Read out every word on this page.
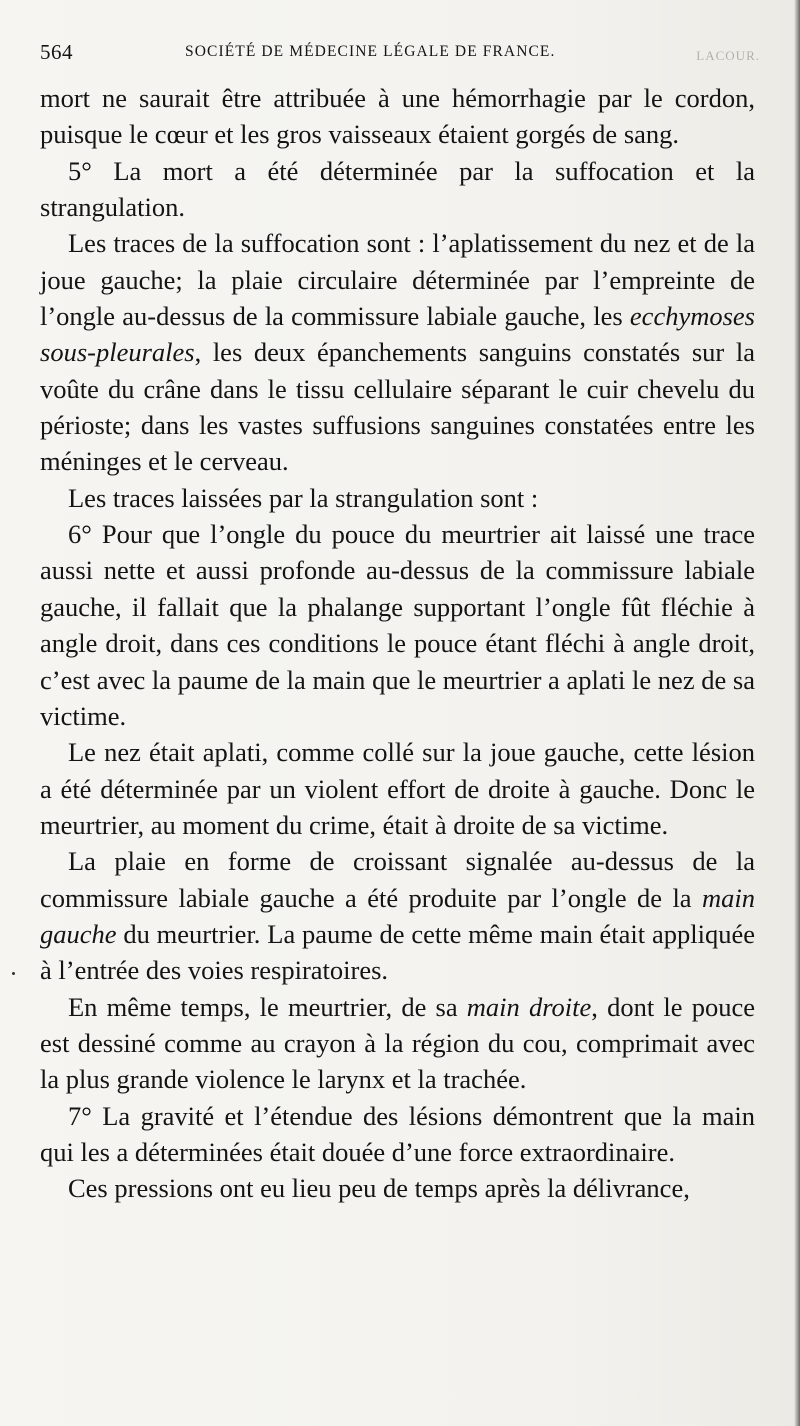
564	SOCIÉTÉ DE MÉDECINE LÉGALE DE FRANCE.	LACOUR.

mort ne saurait être attribuée à une hémorrhagie par le cordon, puisque le cœur et les gros vaisseaux étaient gorgés de sang.

5° La mort a été déterminée par la suffocation et la strangulation.

Les traces de la suffocation sont : l’aplatissement du nez et de la joue gauche; la plaie circulaire déterminée par l’empreinte de l’ongle au-dessus de la commissure labiale gauche, les ecchymoses sous-pleurales, les deux épanchements sanguins constatés sur la voûte du crâne dans le tissu cellulaire séparant le cuir chevelu du périoste; dans les vastes suffusions sanguines constatées entre les méninges et le cerveau.

Les traces laissées par la strangulation sont :

6° Pour que l’ongle du pouce du meurtrier ait laissé une trace aussi nette et aussi profonde au-dessus de la commissure labiale gauche, il fallait que la phalange supportant l’ongle fût fléchie à angle droit, dans ces conditions le pouce étant fléchi à angle droit, c’est avec la paume de la main que le meurtrier a aplati le nez de sa victime.

Le nez était aplati, comme collé sur la joue gauche, cette lésion a été déterminée par un violent effort de droite à gauche. Donc le meurtrier, au moment du crime, était à droite de sa victime.

La plaie en forme de croissant signalée au-dessus de la commissure labiale gauche a été produite par l’ongle de la main gauche du meurtrier. La paume de cette même main était appliquée à l’entrée des voies respiratoires.

En même temps, le meurtrier, de sa main droite, dont le pouce est dessiné comme au crayon à la région du cou, comprimait avec la plus grande violence le larynx et la trachée.

7° La gravité et l’étendue des lésions démontrent que la main qui les a déterminées était douée d’une force extraordinaire.

Ces pressions ont eu lieu peu de temps après la délivrance,
